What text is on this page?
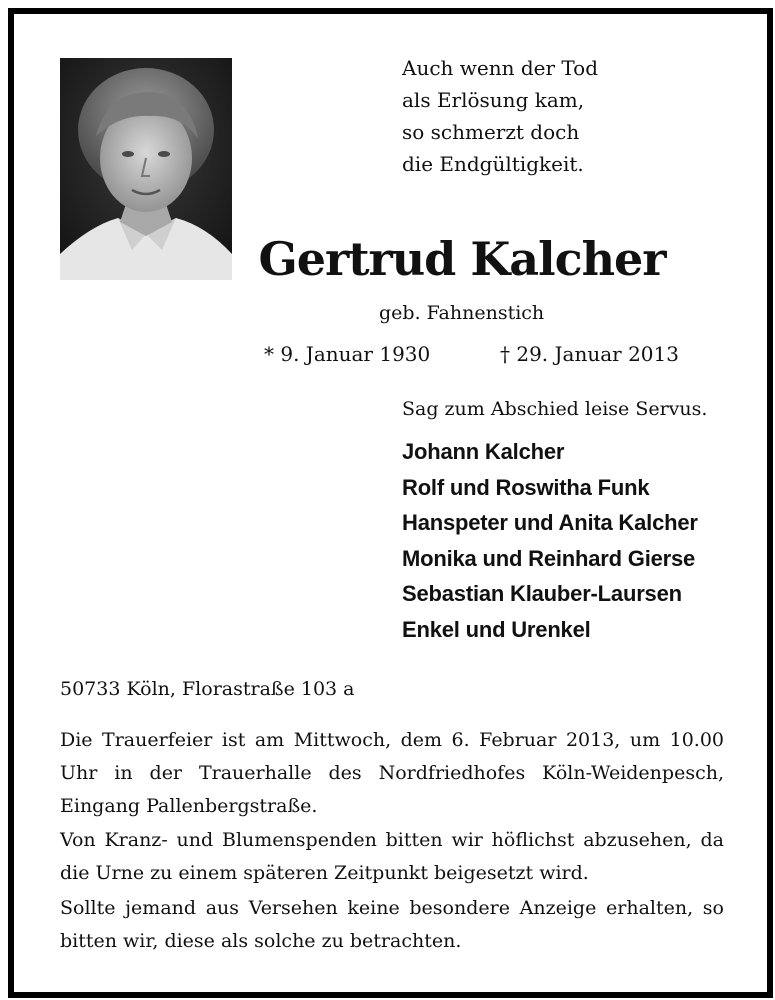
Auch wenn der Tod
als Erlösung kam,
so schmerzt doch
die Endgültigkeit.
Gertrud Kalcher
geb. Fahnenstich
* 9. Januar 1930	† 29. Januar 2013
Sag zum Abschied leise Servus.
Johann Kalcher
Rolf und Roswitha Funk
Hanspeter und Anita Kalcher
Monika und Reinhard Gierse
Sebastian Klauber-Laursen
Enkel und Urenkel
50733 Köln, Florastraße 103 a
Die Trauerfeier ist am Mittwoch, dem 6. Februar 2013, um 10.00 Uhr in der Trauerhalle des Nordfriedhofes Köln-Weidenpesch, Eingang Pallenbergstraße.
Von Kranz- und Blumenspenden bitten wir höflichst abzusehen, da die Urne zu einem späteren Zeitpunkt beigesetzt wird.
Sollte jemand aus Versehen keine besondere Anzeige erhalten, so bitten wir, diese als solche zu betrachten.
